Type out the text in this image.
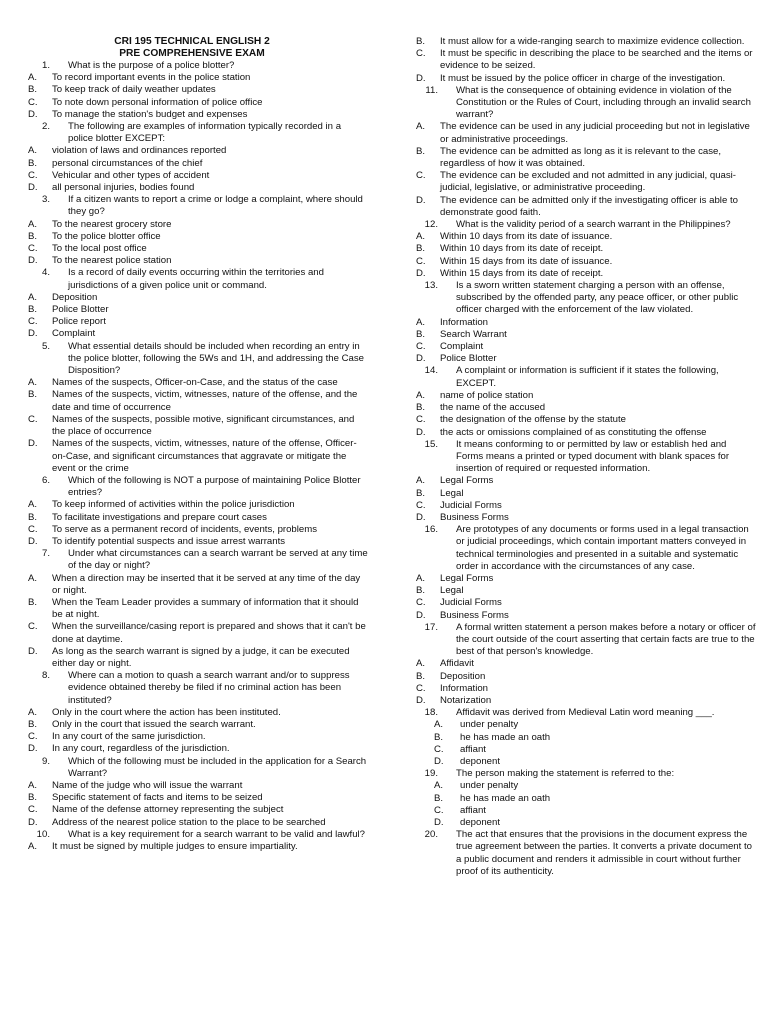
CRI 195 TECHNICAL ENGLISH 2
PRE COMPREHENSIVE EXAM
1. What is the purpose of a police blotter?
A. To record important events in the police station
B. To keep track of daily weather updates
C. To note down personal information of police office
D. To manage the station's budget and expenses
2. The following are examples of information typically recorded in a police blotter EXCEPT:
A. violation of laws and ordinances reported
B. personal circumstances of the chief
C. Vehicular and other types of accident
D. all personal injuries, bodies found
3. If a citizen wants to report a crime or lodge a complaint, where should they go?
A. To the nearest grocery store
B. To the police blotter office
C. To the local post office
D. To the nearest police station
4. Is a record of daily events occurring within the territories and jurisdictions of a given police unit or command.
A. Deposition
B. Police Blotter
C. Police report
D. Complaint
5. What essential details should be included when recording an entry in the police blotter, following the 5Ws and 1H, and addressing the Case Disposition?
A. Names of the suspects, Officer-on-Case, and the status of the case
B. Names of the suspects, victim, witnesses, nature of the offense, and the date and time of occurrence
C. Names of the suspects, possible motive, significant circumstances, and the place of occurrence
D. Names of the suspects, victim, witnesses, nature of the offense, Officer-on-Case, and significant circumstances that aggravate or mitigate the event or the crime
6. Which of the following is NOT a purpose of maintaining Police Blotter entries?
A. To keep informed of activities within the police jurisdiction
B. To facilitate investigations and prepare court cases
C. To serve as a permanent record of incidents, events, problems
D. To identify potential suspects and issue arrest warrants
7. Under what circumstances can a search warrant be served at any time of the day or night?
A. When a direction may be inserted that it be served at any time of the day or night.
B. When the Team Leader provides a summary of information that it should be at night.
C. When the surveillance/casing report is prepared and shows that it can't be done at daytime.
D. As long as the search warrant is signed by a judge, it can be executed either day or night.
8. Where can a motion to quash a search warrant and/or to suppress evidence obtained thereby be filed if no criminal action has been instituted?
A. Only in the court where the action has been instituted.
B. Only in the court that issued the search warrant.
C. In any court of the same jurisdiction.
D. In any court, regardless of the jurisdiction.
9. Which of the following must be included in the application for a Search Warrant?
A. Name of the judge who will issue the warrant
B. Specific statement of facts and items to be seized
C. Name of the defense attorney representing the subject
D. Address of the nearest police station to the place to be searched
10. What is a key requirement for a search warrant to be valid and lawful?
A. It must be signed by multiple judges to ensure impartiality.
B. It must allow for a wide-ranging search to maximize evidence collection.
C. It must be specific in describing the place to be searched and the items or evidence to be seized.
D. It must be issued by the police officer in charge of the investigation.
11. What is the consequence of obtaining evidence in violation of the Constitution or the Rules of Court, including through an invalid search warrant?
A. The evidence can be used in any judicial proceeding but not in legislative or administrative proceedings.
B. The evidence can be admitted as long as it is relevant to the case, regardless of how it was obtained.
C. The evidence can be excluded and not admitted in any judicial, quasi-judicial, legislative, or administrative proceeding.
D. The evidence can be admitted only if the investigating officer is able to demonstrate good faith.
12. What is the validity period of a search warrant in the Philippines?
A. Within 10 days from its date of issuance.
B. Within 10 days from its date of receipt.
C. Within 15 days from its date of issuance.
D. Within 15 days from its date of receipt.
13. Is a sworn written statement charging a person with an offense, subscribed by the offended party, any peace officer, or other public officer charged with the enforcement of the law violated.
A. Information
B. Search Warrant
C. Complaint
D. Police Blotter
14. A complaint or information is sufficient if it states the following, EXCEPT.
A. name of police station
B. the name of the accused
C. the designation of the offense by the statute
D. the acts or omissions complained of as constituting the offense
15. It means conforming to or permitted by law or establish hed and Forms means a printed or typed document with blank spaces for insertion of required or requested information.
A. Legal Forms
B. Legal
C. Judicial Forms
D. Business Forms
16. Are prototypes of any documents or forms used in a legal transaction or judicial proceedings, which contain important matters conveyed in technical terminologies and presented in a suitable and systematic order in accordance with the circumstances of any case.
A. Legal Forms
B. Legal
C. Judicial Forms
D. Business Forms
17. A formal written statement a person makes before a notary or officer of the court outside of the court asserting that certain facts are true to the best of that person's knowledge.
A. Affidavit
B. Deposition
C. Information
D. Notarization
18. Affidavit was derived from Medieval Latin word meaning ___.
A. under penalty
B. he has made an oath
C. affiant
D. deponent
19. The person making the statement is referred to the:
A. under penalty
B. he has made an oath
C. affiant
D. deponent
20. The act that ensures that the provisions in the document express the true agreement between the parties. It converts a private document to a public document and renders it admissible in court without further proof of its authenticity.
